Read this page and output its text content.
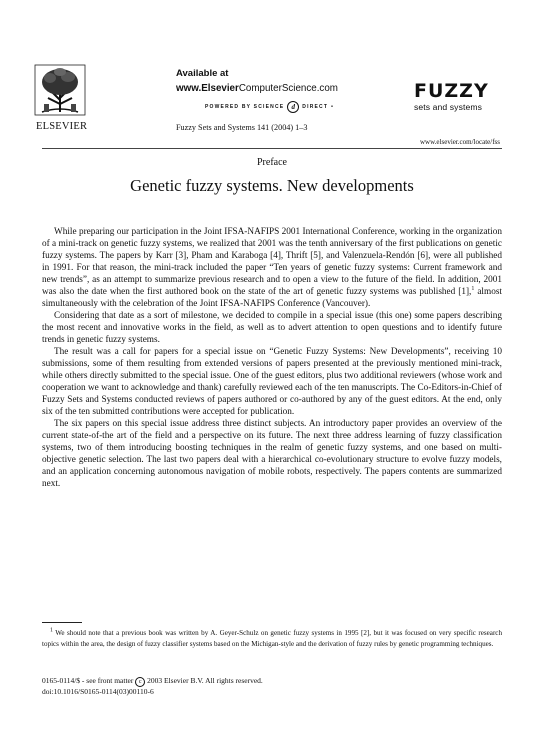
ELSEVIER
Available at
www.ElsevierComputerScience.com
POWERED BY SCIENCE	d	DIRECT •
Fuzzy Sets and Systems 141 (2004) 1–3
FUZZY
sets and systems
www.elsevier.com/locate/fss
Preface
Genetic fuzzy systems. New developments

While preparing our participation in the Joint IFSA-NAFIPS 2001 International Conference, working in the organization of a mini-track on genetic fuzzy systems, we realized that 2001 was the tenth anniversary of the first publications on genetic fuzzy systems. The papers by Karr [3], Pham and Karaboga [4], Thrift [5], and Valenzuela-Rendón [6], were all published in 1991. For that reason, the mini-track included the paper “Ten years of genetic fuzzy systems: Current framework and new trends”, as an attempt to summarize previous research and to open a view to the future of the field. In addition, 2001 was also the date when the first authored book on the state of the art of genetic fuzzy systems was published [1],$^1$ almost simultaneously with the celebration of the Joint IFSA-NAFIPS Conference (Vancouver).

Considering that date as a sort of milestone, we decided to compile in a special issue (this one) some papers describing the most recent and innovative works in the field, as well as to advert attention to open questions and to identify future trends in genetic fuzzy systems.

The result was a call for papers for a special issue on “Genetic Fuzzy Systems: New Developments”, receiving 10 submissions, some of them resulting from extended versions of papers presented at the previously mentioned mini-track, while others directly submitted to the special issue. One of the guest editors, plus two additional reviewers (whose work and cooperation we want to acknowledge and thank) carefully reviewed each of the ten manuscripts. The Co-Editors-in-Chief of Fuzzy Sets and Systems conducted reviews of papers authored or co-authored by any of the guest editors. At the end, only six of the ten submitted contributions were accepted for publication.

The six papers on this special issue address three distinct subjects. An introductory paper provides an overview of the current state-of-the art of the field and a perspective on its future. The next three address learning of fuzzy classification systems, two of them introducing boosting techniques in the realm of genetic fuzzy systems, and one based on multi-objective genetic selection. The last two papers deal with a hierarchical co-evolutionary structure to evolve fuzzy models, and an application concerning autonomous navigation of mobile robots, respectively. The papers contents are summarized next.

$^1$ We should note that a previous book was written by A. Geyer-Schulz on genetic fuzzy systems in 1995 [2], but it was focused on very specific research topics within the area, the design of fuzzy classifier systems based on the Michigan-style and the derivation of fuzzy rules by genetic programming techniques.
0165-0114/$ - see front matter c 2003 Elsevier B.V. All rights reserved.
doi:10.1016/S0165-0114(03)00110-6
